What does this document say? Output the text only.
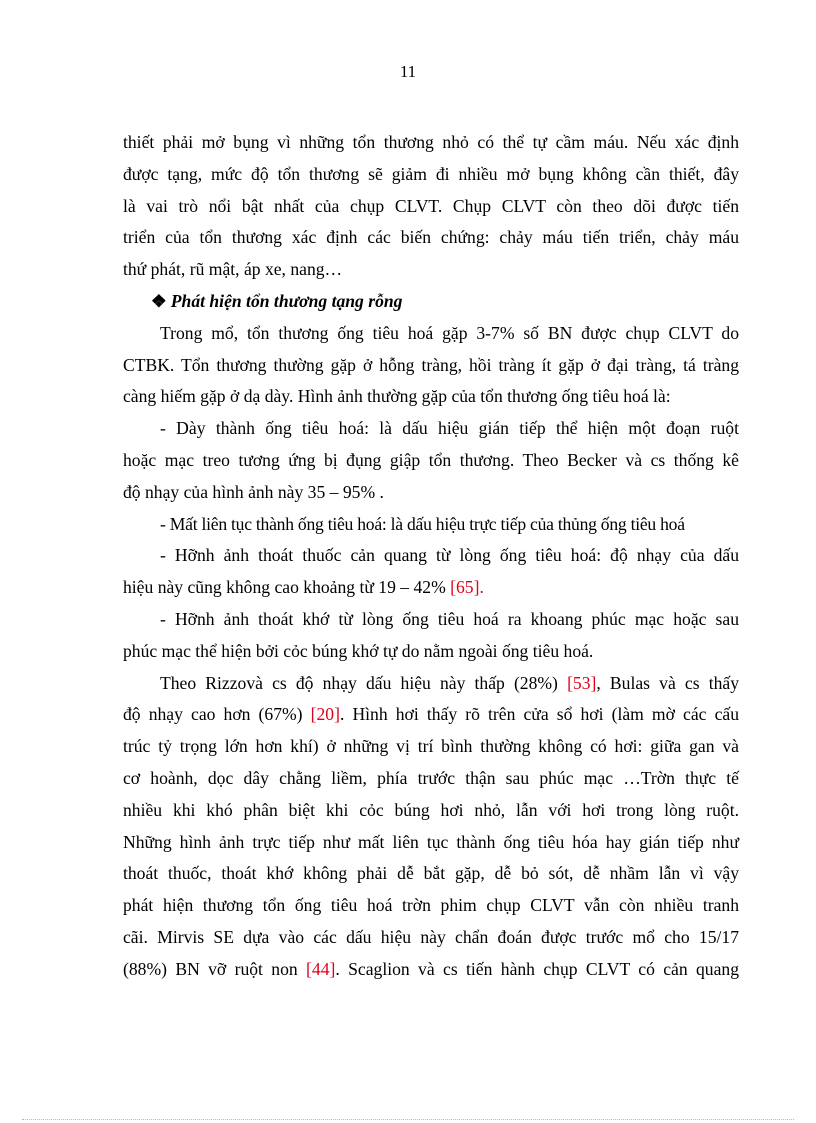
11

thiết phải mở bụng vì những tổn thương nhỏ có thể tự cầm máu. Nếu xác định

được tạng, mức độ tổn thương sẽ giảm đi nhiều mở bụng không cần thiết, đây

là vai trò nổi bật nhất của chụp CLVT. Chụp CLVT còn theo dõi được tiến

triển của tổn thương xác định các biến chứng: chảy máu tiến triển, chảy máu

thứ phát, rũ mật, áp xe, nang…

❖ Phát hiện tổn thương tạng rỗng

Trong mổ, tổn thương ống tiêu hoá gặp 3-7% số BN được chụp CLVT do

CTBK. Tổn thương thường gặp ở hỗng tràng, hồi tràng ít gặp ở đại tràng, tá tràng

càng hiếm gặp ở dạ dày. Hình ảnh thường gặp của tổn thương ống tiêu hoá là:

- Dày thành ống tiêu hoá: là dấu hiệu gián tiếp thể hiện một đoạn ruột

hoặc mạc treo tương ứng bị đụng giập tổn thương. Theo Becker và cs thống kê

độ nhạy của hình ảnh này 35 – 95% .

- Mất liên tục thành ống tiêu hoá: là dấu hiệu trực tiếp của thủng ống tiêu hoá

- Hỡnh ảnh thoát thuốc cản quang từ lòng ống tiêu hoá: độ nhạy của dấu

hiệu này cũng không cao khoảng từ 19 – 42% [65].

- Hỡnh ảnh thoát khớ từ lòng ống tiêu hoá ra khoang phúc mạc hoặc sau

phúc mạc thể hiện bởi cỏc búng khớ tự do nằm ngoài ống tiêu hoá.

Theo Rizzovà cs độ nhạy dấu hiệu này thấp (28%) [53], Bulas và cs thấy

độ nhạy cao hơn (67%) [20]. Hình hơi thấy rõ trên cửa sổ hơi (làm mờ các cấu

trúc tỷ trọng lớn hơn khí) ở những vị trí bình thường không có hơi: giữa gan và

cơ hoành, dọc dây chằng liềm, phía trước thận sau phúc mạc …Trờn thực tế

nhiều khi khó phân biệt khi cỏc búng hơi nhỏ, lẫn với hơi trong lòng ruột.

Những hình ảnh trực tiếp như mất liên tục thành ống tiêu hóa hay gián tiếp như

thoát thuốc, thoát khớ không phải dễ bắt gặp, dễ bỏ sót, dễ nhầm lẫn vì vậy

phát hiện thương tổn ống tiêu hoá trờn phim chụp CLVT vẫn còn nhiều tranh

cãi. Mirvis SE dựa vào các dấu hiệu này chẩn đoán được trước mổ cho 15/17

(88%) BN vỡ ruột non [44]. Scaglion và cs tiến hành chụp CLVT có cản quang
